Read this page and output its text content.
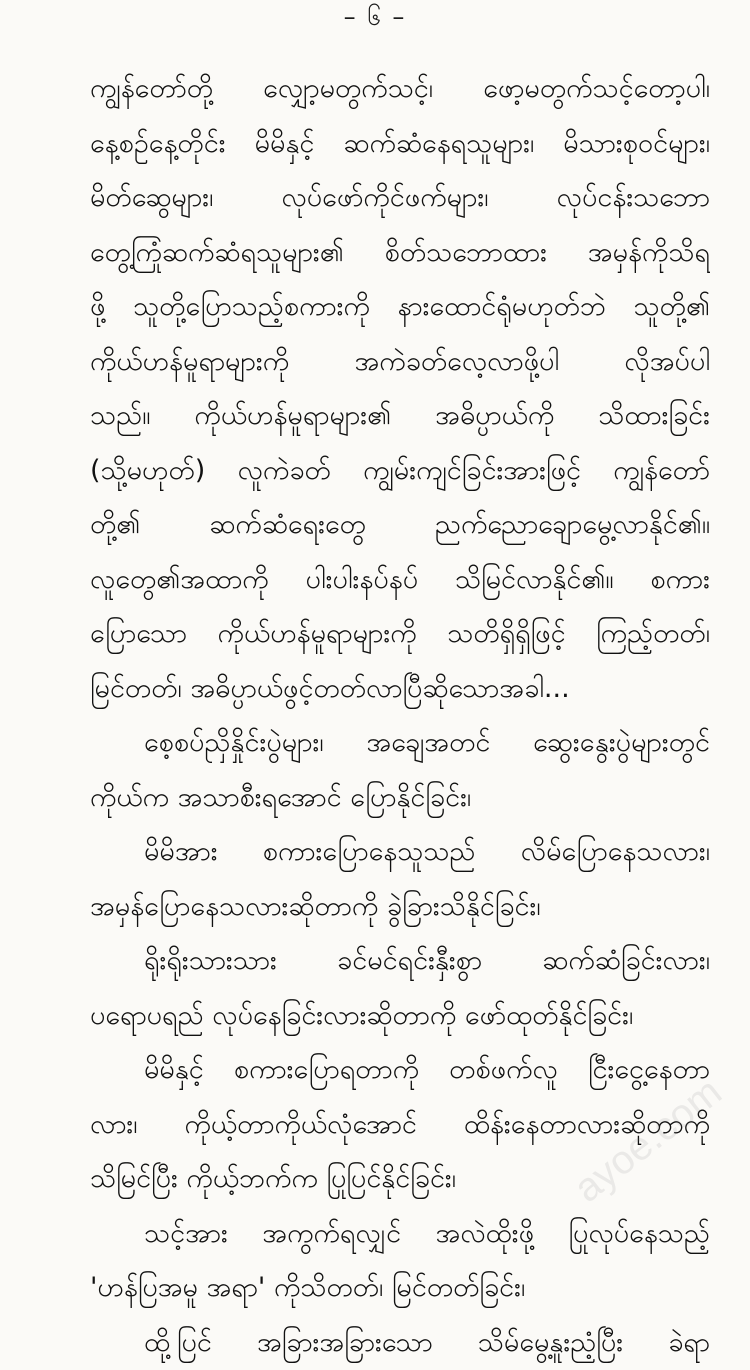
– ၆ –
ကျွန်တော်တို့ လျှော့မတွက်သင့်၊ ဖော့မတွက်သင့်တော့ပါ၊
နေ့စဉ်နေ့တိုင်း မိမိနှင့် ဆက်ဆံနေရသူများ၊ မိသားစုဝင်များ၊
မိတ်ဆွေများ၊ လုပ်ဖော်ကိုင်ဖက်များ၊ လုပ်ငန်းသဘော
တွေ့ကြုံဆက်ဆံရသူများ၏ စိတ်သဘောထား အမှန်ကိုသိရ
ဖို့ သူတို့ပြောသည့်စကားကို နားထောင်ရုံမဟုတ်ဘဲ သူတို့၏
ကိုယ်ဟန်မူရာများကို အကဲခတ်လေ့လာဖို့ပါ လိုအပ်ပါ
သည်။ ကိုယ်ဟန်မူရာများ၏ အဓိပ္ပာယ်ကို သိထားခြင်း
(သို့မဟုတ်) လူကဲခတ် ကျွမ်းကျင်ခြင်းအားဖြင့် ကျွန်တော်
တို့၏ ဆက်ဆံရေးတွေ ညက်ညောချောမွေ့လာနိုင်၏။
လူတွေ၏အထာကို ပါးပါးနပ်နပ် သိမြင်လာနိုင်၏။ စကား
ပြောသော ကိုယ်ဟန်မူရာများကို သတိရှိရှိဖြင့် ကြည့်တတ်၊
မြင်တတ်၊ အဓိပ္ပာယ်ဖွင့်တတ်လာပြီဆိုသောအခါ...
စေ့စပ်ညှိနှိုင်းပွဲများ၊ အချေအတင် ဆွေးနွေးပွဲများတွင်
ကိုယ်က အသာစီးရအောင် ပြောနိုင်ခြင်း၊
မိမိအား စကားပြောနေသူသည် လိမ်ပြောနေသလား၊
အမှန်ပြောနေသလားဆိုတာကို ခွဲခြားသိနိုင်ခြင်း၊
ရိုးရိုးသားသား ခင်မင်ရင်းနှီးစွာ ဆက်ဆံခြင်းလား၊
ပရောပရည် လုပ်နေခြင်းလားဆိုတာကို ဖော်ထုတ်နိုင်ခြင်း၊
မိမိနှင့် စကားပြောရတာကို တစ်ဖက်လူ ငြီးငွေ့နေတာ
လား၊ ကိုယ့်တာကိုယ်လုံအောင် ထိန်းနေတာလားဆိုတာကို
သိမြင်ပြီး ကိုယ့်ဘက်က ပြုပြင်နိုင်ခြင်း၊
သင့်အား အကွက်ရလျှင် အလဲထိုးဖို့ ပြုလုပ်နေသည့်
'ဟန်ပြအမူ အရာ' ကိုသိတတ်၊ မြင်တတ်ခြင်း၊
ထို့ပြင် အခြားအခြားသော သိမ်မွေ့နူးညံ့ပြီး ခဲရာ
ayoe.com
